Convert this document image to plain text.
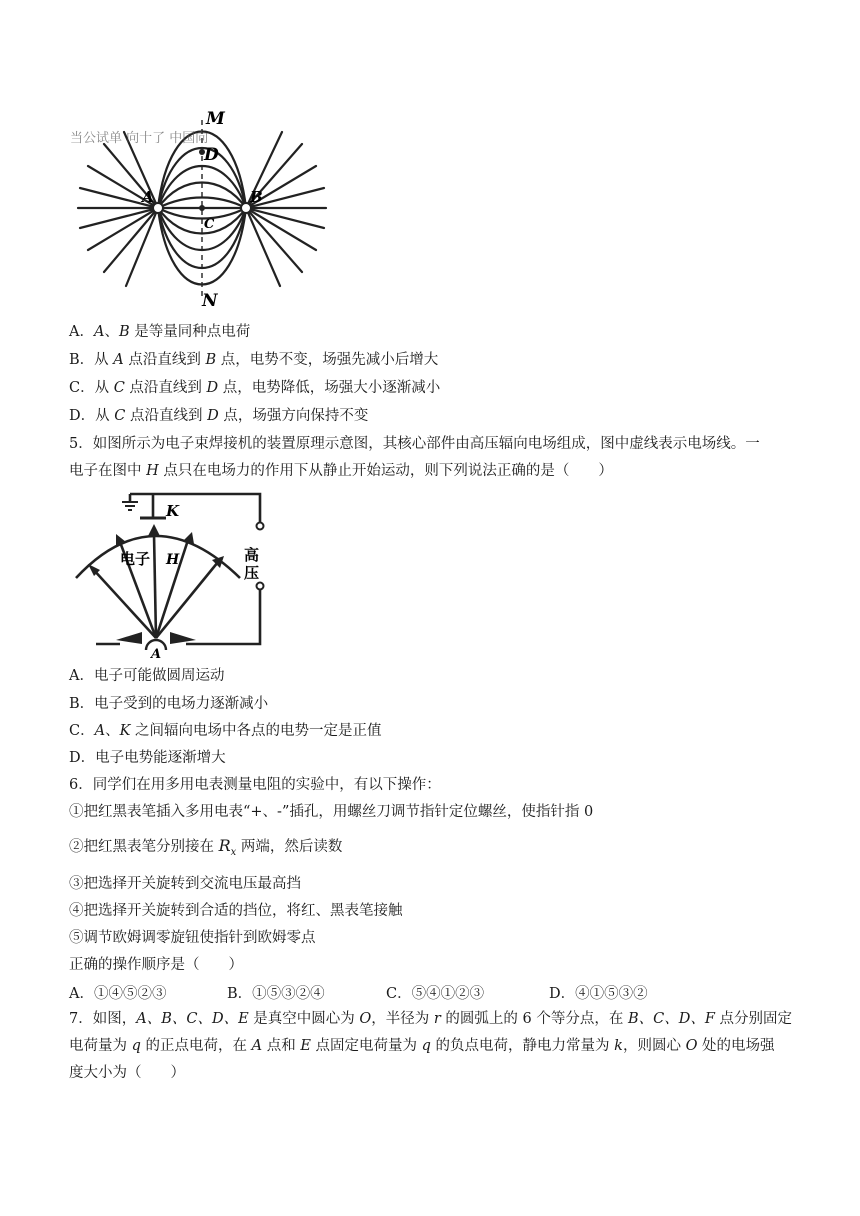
M
D
N
A	B
C
当公试单 向十了 中国向
A．A、B 是等量同种点电荷
B．从 A 点沿直线到 B 点，电势不变，场强先减小后增大
C．从 C 点沿直线到 D 点，电势降低，场强大小逐渐减小
D．从 C 点沿直线到 D 点，场强方向保持不变
5．如图所示为电子束焊接机的装置原理示意图，其核心部件由高压辐向电场组成，图中虚线表示电场线。一
电子在图中 H 点只在电场力的作用下从静止开始运动，则下列说法正确的是（　　）
K
电子 H	高压
A
A．电子可能做圆周运动
B．电子受到的电场力逐渐减小
C．A、K 之间辐向电场中各点的电势一定是正值
D．电子电势能逐渐增大
6．同学们在用多用电表测量电阻的实验中，有以下操作：
①把红黑表笔插入多用电表“+、-”插孔，用螺丝刀调节指针定位螺丝，使指针指 0
②把红黑表笔分别接在 $R_x$ 两端，然后读数
③把选择开关旋转到交流电压最高挡
④把选择开关旋转到合适的挡位，将红、黑表笔接触
⑤调节欧姆调零旋钮使指针到欧姆零点
正确的操作顺序是（　　）
A．①④⑤②③	B．①⑤③②④	C．⑤④①②③	D．④①⑤③②
7．如图，A、B、C、D、E 是真空中圆心为 O，半径为 r 的圆弧上的 6 个等分点，在 B、C、D、F 点分别固定
电荷量为 q 的正点电荷，在 A 点和 E 点固定电荷量为 q 的负点电荷，静电力常量为 k，则圆心 O 处的电场强
度大小为（　　）
